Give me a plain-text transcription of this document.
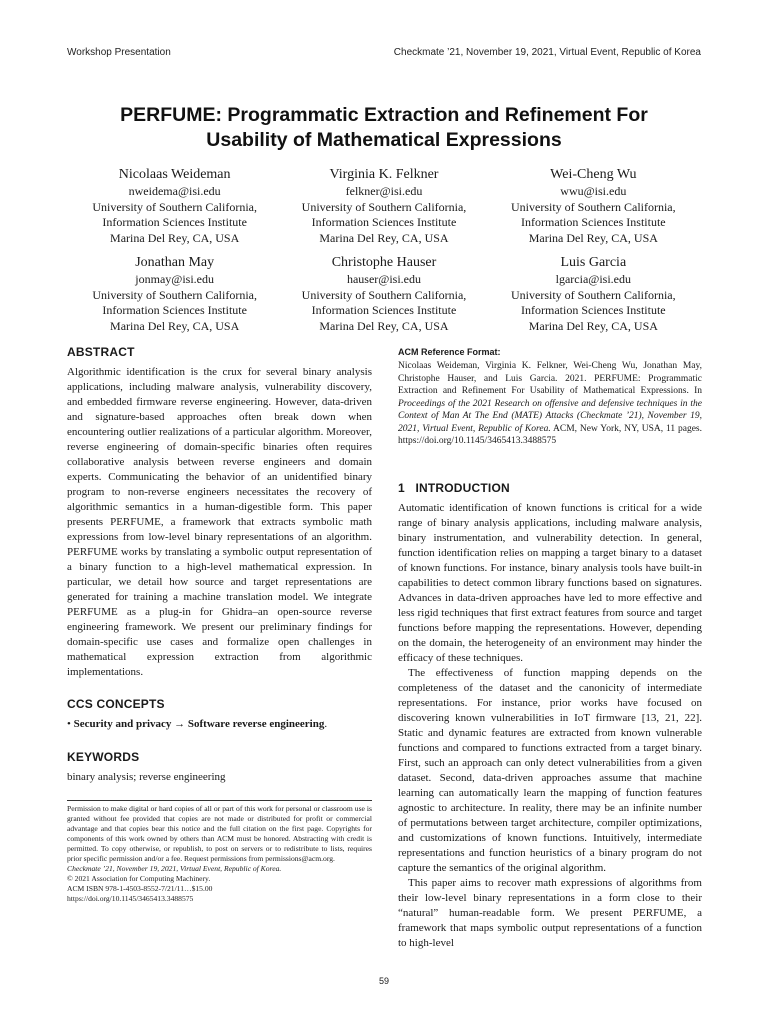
Workshop Presentation	Checkmate ’21, November 19, 2021, Virtual Event, Republic of Korea
PERFUME: Programmatic Extraction and Refinement For
Usability of Mathematical Expressions
Nicolaas Weideman
nweidema@isi.edu
University of Southern California,
Information Sciences Institute
Marina Del Rey, CA, USA
Virginia K. Felkner
felkner@isi.edu
University of Southern California,
Information Sciences Institute
Marina Del Rey, CA, USA
Wei-Cheng Wu
wwu@isi.edu
University of Southern California,
Information Sciences Institute
Marina Del Rey, CA, USA
Jonathan May
jonmay@isi.edu
University of Southern California,
Information Sciences Institute
Marina Del Rey, CA, USA
Christophe Hauser
hauser@isi.edu
University of Southern California,
Information Sciences Institute
Marina Del Rey, CA, USA
Luis Garcia
lgarcia@isi.edu
University of Southern California,
Information Sciences Institute
Marina Del Rey, CA, USA
ABSTRACT

Algorithmic identification is the crux for several binary analysis applications, including malware analysis, vulnerability discovery, and embedded firmware reverse engineering. However, data-driven and signature-based approaches often break down when encountering outlier realizations of a particular algorithm. Moreover, reverse engineering of domain-specific binaries often requires collaborative analysis between reverse engineers and domain experts. Communicating the behavior of an unidentified binary program to non-reverse engineers necessitates the recovery of algorithmic semantics in a human-digestible form. This paper presents PERFUME, a framework that extracts symbolic math expressions from low-level binary representations of an algorithm. PERFUME works by translating a symbolic output representation of a binary function to a high-level mathematical expression. In particular, we detail how source and target representations are generated for training a machine translation model. We integrate PERFUME as a plug-in for Ghidra–an open-source reverse engineering framework. We present our preliminary findings for domain-specific use cases and formalize open challenges in mathematical expression extraction from algorithmic implementations.

CCS CONCEPTS

• Security and privacy → Software reverse engineering.

KEYWORDS

binary analysis; reverse engineering

Permission to make digital or hard copies of all or part of this work for personal or classroom use is granted without fee provided that copies are not made or distributed for profit or commercial advantage and that copies bear this notice and the full citation on the first page. Copyrights for components of this work owned by others than ACM must be honored. Abstracting with credit is permitted. To copy otherwise, or republish, to post on servers or to redistribute to lists, requires prior specific permission and/or a fee. Request permissions from permissions@acm.org.
Checkmate ’21, November 19, 2021, Virtual Event, Republic of Korea.
© 2021 Association for Computing Machinery.
ACM ISBN 978-1-4503-8552-7/21/11…$15.00
https://doi.org/10.1145/3465413.3488575
ACM Reference Format:

Nicolaas Weideman, Virginia K. Felkner, Wei-Cheng Wu, Jonathan May, Christophe Hauser, and Luis Garcia. 2021. PERFUME: Programmatic Extraction and Refinement For Usability of Mathematical Expressions. In Proceedings of the 2021 Research on offensive and defensive techniques in the Context of Man At The End (MATE) Attacks (Checkmate ’21), November 19, 2021, Virtual Event, Republic of Korea. ACM, New York, NY, USA, 11 pages. https://doi.org/10.1145/3465413.3488575

1   INTRODUCTION

Automatic identification of known functions is critical for a wide range of binary analysis applications, including malware analysis, binary instrumentation, and vulnerability detection. In general, function identification relies on mapping a target binary to a dataset of known functions. For instance, binary analysis tools have built-in capabilities to detect common library functions based on signatures. Advances in data-driven approaches have led to more effective and less rigid techniques that first extract features from source and target functions before mapping the representations. However, depending on the domain, the heterogeneity of an environment may hinder the efficacy of these techniques.

The effectiveness of function mapping depends on the completeness of the dataset and the canonicity of intermediate representations. For instance, prior works have focused on discovering known vulnerabilities in IoT firmware [13, 21, 22]. Static and dynamic features are extracted from known vulnerable functions and compared to functions extracted from a target binary. First, such an approach can only detect vulnerabilities from a given dataset. Second, data-driven approaches assume that machine learning can automatically learn the mapping of function features agnostic to architecture. In reality, there may be an infinite number of permutations between target architecture, compiler optimizations, and customizations of known functions. Intuitively, intermediate representations and function heuristics of a binary program do not capture the semantics of the original algorithm.

This paper aims to recover math expressions of algorithms from their low-level binary representations in a form close to their “natural” human-readable form. We present PERFUME, a framework that maps symbolic output representations of a function to high-level

59
